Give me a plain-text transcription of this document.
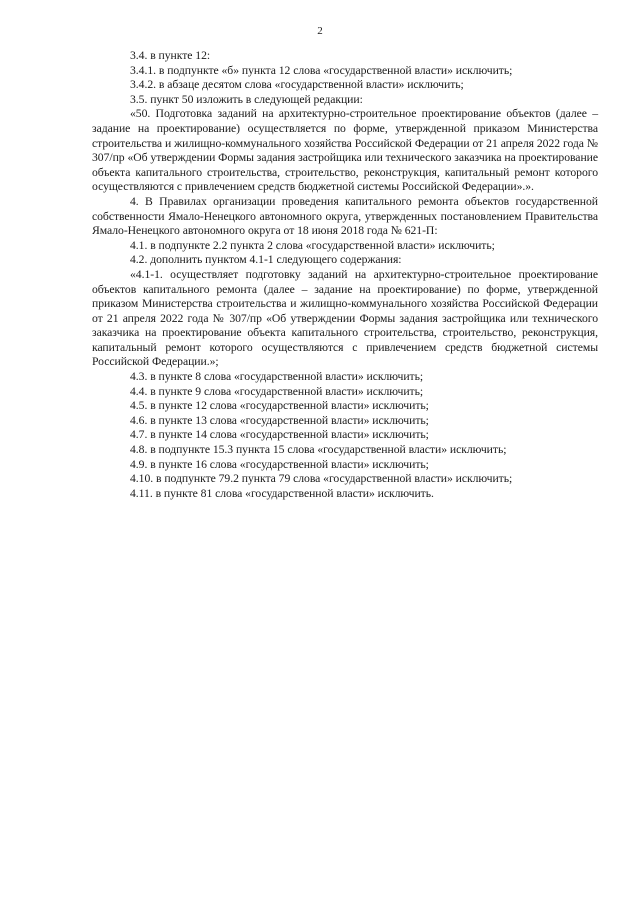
2

3.4. в пункте 12:

3.4.1. в подпункте «б» пункта 12 слова «государственной власти» исключить;

3.4.2. в абзаце десятом слова «государственной власти» исключить;

3.5. пункт 50 изложить в следующей редакции:

«50. Подготовка заданий на архитектурно-строительное проектирование объектов (далее – задание на проектирование) осуществляется по форме, утвержденной приказом Министерства строительства и жилищно-коммунального хозяйства Российской Федерации от 21 апреля 2022 года № 307/пр «Об утверждении Формы задания застройщика или технического заказчика на проектирование объекта капитального строительства, строительство, реконструкция, капитальный ремонт которого осуществляются с привлечением средств бюджетной системы Российской Федерации».».

4. В Правилах организации проведения капитального ремонта объектов государственной собственности Ямало-Ненецкого автономного округа, утвержденных постановлением Правительства Ямало-Ненецкого автономного округа от 18 июня 2018 года № 621-П:

4.1. в подпункте 2.2 пункта 2 слова «государственной власти» исключить;

4.2. дополнить пунктом 4.1-1 следующего содержания:

«4.1-1. осуществляет подготовку заданий на архитектурно-строительное проектирование объектов капитального ремонта (далее – задание на проектирование) по форме, утвержденной приказом Министерства строительства и жилищно-коммунального хозяйства Российской Федерации от 21 апреля 2022 года № 307/пр «Об утверждении Формы задания застройщика или технического заказчика на проектирование объекта капитального строительства, строительство, реконструкция, капитальный ремонт которого осуществляются с привлечением средств бюджетной системы Российской Федерации.»;

4.3. в пункте 8 слова «государственной власти» исключить;

4.4. в пункте 9 слова «государственной власти» исключить;

4.5. в пункте 12 слова «государственной власти» исключить;

4.6. в пункте 13 слова «государственной власти» исключить;

4.7. в пункте 14 слова «государственной власти» исключить;

4.8. в подпункте 15.3 пункта 15 слова «государственной власти» исключить;

4.9. в пункте 16 слова «государственной власти» исключить;

4.10. в подпункте 79.2 пункта 79 слова «государственной власти» исключить;

4.11. в пункте 81 слова «государственной власти» исключить.
